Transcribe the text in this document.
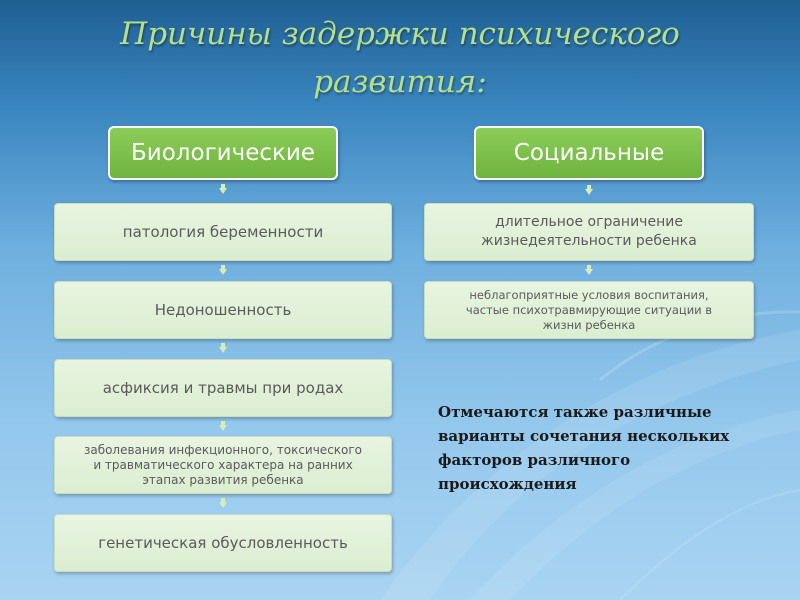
Причины задержки психического
развития:
Биологические
патология беременности
Недоношенность
асфиксия и травмы при родах
заболевания инфекционного, токсического
и травматического характера на ранних
этапах развития ребенка
генетическая обусловленность
Социальные
длительное ограничение
жизнедеятельности ребенка
неблагоприятные условия воспитания,
частые психотравмирующие ситуации в
жизни ребенка
Отмечаются также различные
варианты сочетания нескольких
факторов различного
происхождения
